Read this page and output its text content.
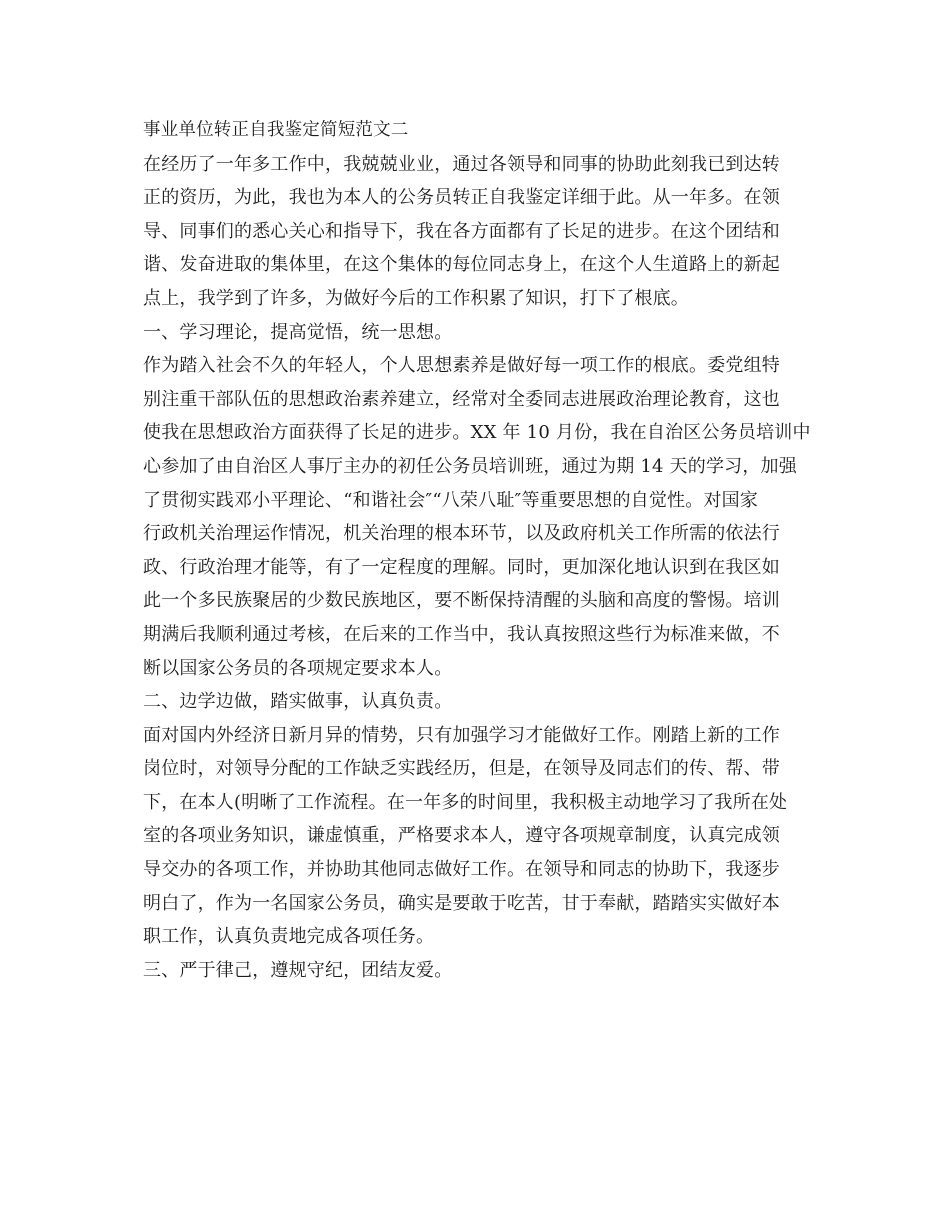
事业单位转正自我鉴定简短范文二
在经历了一年多工作中，我兢兢业业，通过各领导和同事的协助此刻我已到达转
正的资历，为此，我也为本人的公务员转正自我鉴定详细于此。从一年多。在领
导、同事们的悉心关心和指导下，我在各方面都有了长足的进步。在这个团结和
谐、发奋进取的集体里，在这个集体的每位同志身上，在这个人生道路上的新起
点上，我学到了许多，为做好今后的工作积累了知识，打下了根底。
一、学习理论，提高觉悟，统一思想。
作为踏入社会不久的年轻人，个人思想素养是做好每一项工作的根底。委党组特
别注重干部队伍的思想政治素养建立，经常对全委同志进展政治理论教育，这也
使我在思想政治方面获得了长足的进步。XX 年 10 月份，我在自治区公务员培训中
心参加了由自治区人事厅主办的初任公务员培训班，通过为期 14 天的学习，加强
了贯彻实践邓小平理论、“和谐社会″“八荣八耻″等重要思想的自觉性。对国家
行政机关治理运作情况，机关治理的根本环节，以及政府机关工作所需的依法行
政、行政治理才能等，有了一定程度的理解。同时，更加深化地认识到在我区如
此一个多民族聚居的少数民族地区，要不断保持清醒的头脑和高度的警惕。培训
期满后我顺利通过考核，在后来的工作当中，我认真按照这些行为标准来做，不
断以国家公务员的各项规定要求本人。
二、边学边做，踏实做事，认真负责。
面对国内外经济日新月异的情势，只有加强学习才能做好工作。刚踏上新的工作
岗位时，对领导分配的工作缺乏实践经历，但是，在领导及同志们的传、帮、带
下，在本人(明晰了工作流程。在一年多的时间里，我积极主动地学习了我所在处
室的各项业务知识，谦虚慎重，严格要求本人，遵守各项规章制度，认真完成领
导交办的各项工作，并协助其他同志做好工作。在领导和同志的协助下，我逐步
明白了，作为一名国家公务员，确实是要敢于吃苦，甘于奉献，踏踏实实做好本
职工作，认真负责地完成各项任务。
三、严于律己，遵规守纪，团结友爱。
